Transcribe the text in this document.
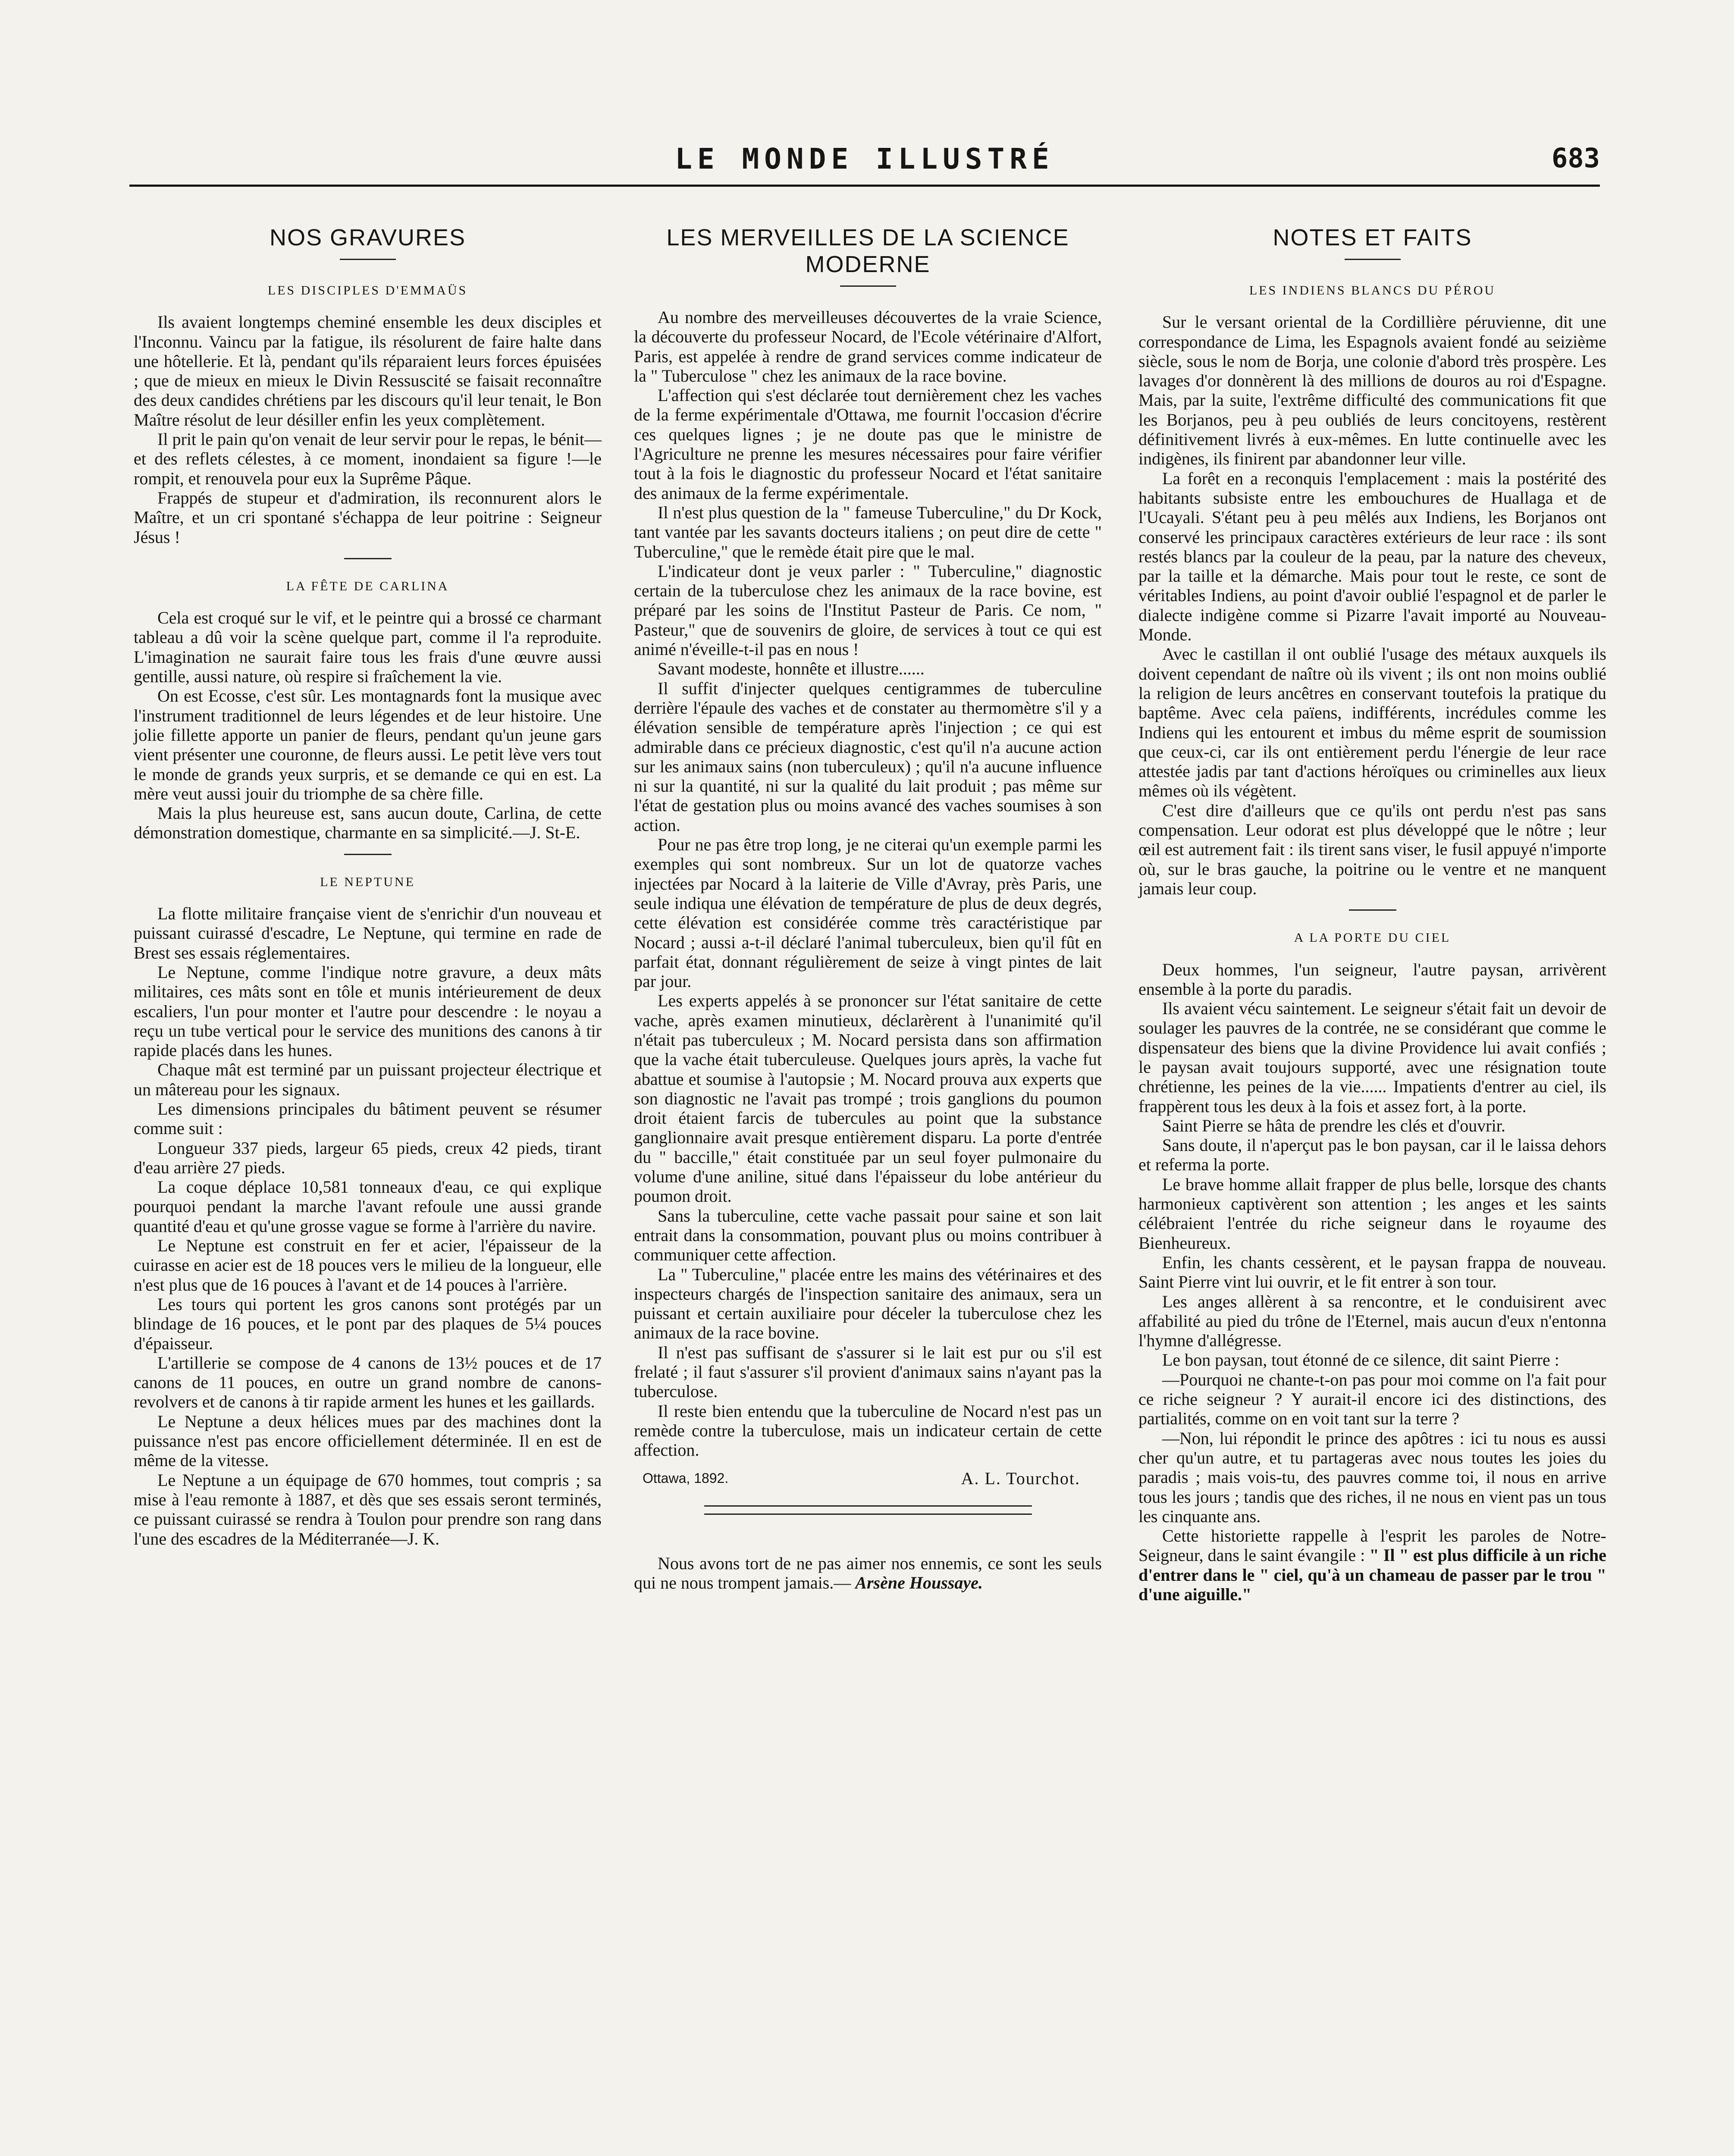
LE MONDE ILLUSTRÉ	683
NOS GRAVURES
LES DISCIPLES D'EMMAÜS

Ils avaient longtemps cheminé ensemble les deux disciples et l'Inconnu. Vaincu par la fatigue, ils résolurent de faire halte dans une hôtellerie. Et là, pendant qu'ils réparaient leurs forces épuisées ; que de mieux en mieux le Divin Ressuscité se faisait reconnaître des deux candides chrétiens par les discours qu'il leur tenait, le Bon Maître résolut de leur désiller enfin les yeux complètement.

Il prit le pain qu'on venait de leur servir pour le repas, le bénit—et des reflets célestes, à ce moment, inondaient sa figure !—le rompit, et renouvela pour eux la Suprême Pâque.

Frappés de stupeur et d'admiration, ils reconnurent alors le Maître, et un cri spontané s'échappa de leur poitrine : Seigneur Jésus !

LA FÊTE DE CARLINA

Cela est croqué sur le vif, et le peintre qui a brossé ce charmant tableau a dû voir la scène quelque part, comme il l'a reproduite. L'imagination ne saurait faire tous les frais d'une œuvre aussi gentille, aussi nature, où respire si fraîchement la vie.

On est Ecosse, c'est sûr. Les montagnards font la musique avec l'instrument traditionnel de leurs légendes et de leur histoire. Une jolie fillette apporte un panier de fleurs, pendant qu'un jeune gars vient présenter une couronne, de fleurs aussi. Le petit lève vers tout le monde de grands yeux surpris, et se demande ce qui en est. La mère veut aussi jouir du triomphe de sa chère fille.

Mais la plus heureuse est, sans aucun doute, Carlina, de cette démonstration domestique, charmante en sa simplicité.—J. St-E.

LE NEPTUNE

La flotte militaire française vient de s'enrichir d'un nouveau et puissant cuirassé d'escadre, Le Neptune, qui termine en rade de Brest ses essais réglementaires.

Le Neptune, comme l'indique notre gravure, a deux mâts militaires, ces mâts sont en tôle et munis intérieurement de deux escaliers, l'un pour monter et l'autre pour descendre : le noyau a reçu un tube vertical pour le service des munitions des canons à tir rapide placés dans les hunes.

Chaque mât est terminé par un puissant projecteur électrique et un mâtereau pour les signaux.

Les dimensions principales du bâtiment peuvent se résumer comme suit :

Longueur 337 pieds, largeur 65 pieds, creux 42 pieds, tirant d'eau arrière 27 pieds.

La coque déplace 10,581 tonneaux d'eau, ce qui explique pourquoi pendant la marche l'avant refoule une aussi grande quantité d'eau et qu'une grosse vague se forme à l'arrière du navire.

Le Neptune est construit en fer et acier, l'épaisseur de la cuirasse en acier est de 18 pouces vers le milieu de la longueur, elle n'est plus que de 16 pouces à l'avant et de 14 pouces à l'arrière.

Les tours qui portent les gros canons sont protégés par un blindage de 16 pouces, et le pont par des plaques de 5¼ pouces d'épaisseur.

L'artillerie se compose de 4 canons de 13½ pouces et de 17 canons de 11 pouces, en outre un grand nombre de canons-revolvers et de canons à tir rapide arment les hunes et les gaillards.

Le Neptune a deux hélices mues par des machines dont la puissance n'est pas encore officiellement déterminée. Il en est de même de la vitesse.

Le Neptune a un équipage de 670 hommes, tout compris ; sa mise à l'eau remonte à 1887, et dès que ses essais seront terminés, ce puissant cuirassé se rendra à Toulon pour prendre son rang dans l'une des escadres de la Méditerranée—J. K.

LES MERVEILLES DE LA SCIENCE
MODERNE

Au nombre des merveilleuses découvertes de la vraie Science, la découverte du professeur Nocard, de l'Ecole vétérinaire d'Alfort, Paris, est appelée à rendre de grand services comme indicateur de la " Tuberculose " chez les animaux de la race bovine.

L'affection qui s'est déclarée tout dernièrement chez les vaches de la ferme expérimentale d'Ottawa, me fournit l'occasion d'écrire ces quelques lignes ; je ne doute pas que le ministre de l'Agriculture ne prenne les mesures nécessaires pour faire vérifier tout à la fois le diagnostic du professeur Nocard et l'état sanitaire des animaux de la ferme expérimentale.

Il n'est plus question de la " fameuse Tuberculine," du Dr Kock, tant vantée par les savants docteurs italiens ; on peut dire de cette " Tuberculine," que le remède était pire que le mal.

L'indicateur dont je veux parler : " Tuberculine," diagnostic certain de la tuberculose chez les animaux de la race bovine, est préparé par les soins de l'Institut Pasteur de Paris. Ce nom, " Pasteur," que de souvenirs de gloire, de services à tout ce qui est animé n'éveille-t-il pas en nous !

Savant modeste, honnête et illustre......

Il suffit d'injecter quelques centigrammes de tuberculine derrière l'épaule des vaches et de constater au thermomètre s'il y a élévation sensible de température après l'injection ; ce qui est admirable dans ce précieux diagnostic, c'est qu'il n'a aucune action sur les animaux sains (non tuberculeux) ; qu'il n'a aucune influence ni sur la quantité, ni sur la qualité du lait produit ; pas même sur l'état de gestation plus ou moins avancé des vaches soumises à son action.

Pour ne pas être trop long, je ne citerai qu'un exemple parmi les exemples qui sont nombreux. Sur un lot de quatorze vaches injectées par Nocard à la laiterie de Ville d'Avray, près Paris, une seule indiqua une élévation de température de plus de deux degrés, cette élévation est considérée comme très caractéristique par Nocard ; aussi a-t-il déclaré l'animal tuberculeux, bien qu'il fût en parfait état, donnant régulièrement de seize à vingt pintes de lait par jour.

Les experts appelés à se prononcer sur l'état sanitaire de cette vache, après examen minutieux, déclarèrent à l'unanimité qu'il n'était pas tuberculeux ; M. Nocard persista dans son affirmation que la vache était tuberculeuse. Quelques jours après, la vache fut abattue et soumise à l'autopsie ; M. Nocard prouva aux experts que son diagnostic ne l'avait pas trompé ; trois ganglions du poumon droit étaient farcis de tubercules au point que la substance ganglionnaire avait presque entièrement disparu. La porte d'entrée du " baccille," était constituée par un seul foyer pulmonaire du volume d'une aniline, situé dans l'épaisseur du lobe antérieur du poumon droit.

Sans la tuberculine, cette vache passait pour saine et son lait entrait dans la consommation, pouvant plus ou moins contribuer à communiquer cette affection.

La " Tuberculine," placée entre les mains des vétérinaires et des inspecteurs chargés de l'inspection sanitaire des animaux, sera un puissant et certain auxiliaire pour déceler la tuberculose chez les animaux de la race bovine.

Il n'est pas suffisant de s'assurer si le lait est pur ou s'il est frelaté ; il faut s'assurer s'il provient d'animaux sains n'ayant pas la tuberculose.

Il reste bien entendu que la tuberculine de Nocard n'est pas un remède contre la tuberculose, mais un indicateur certain de cette affection.

A. L. Tourchot.
Ottawa, 1892.

Nous avons tort de ne pas aimer nos ennemis, ce sont les seuls qui ne nous trompent jamais.— Arsène Houssaye.

NOTES ET FAITS
LES INDIENS BLANCS DU PÉROU

Sur le versant oriental de la Cordillière péruvienne, dit une correspondance de Lima, les Espagnols avaient fondé au seizième siècle, sous le nom de Borja, une colonie d'abord très prospère. Les lavages d'or donnèrent là des millions de douros au roi d'Espagne. Mais, par la suite, l'extrême difficulté des communications fit que les Borjanos, peu à peu oubliés de leurs concitoyens, restèrent définitivement livrés à eux-mêmes. En lutte continuelle avec les indigènes, ils finirent par abandonner leur ville.

La forêt en a reconquis l'emplacement : mais la postérité des habitants subsiste entre les embouchures de Huallaga et de l'Ucayali. S'étant peu à peu mêlés aux Indiens, les Borjanos ont conservé les principaux caractères extérieurs de leur race : ils sont restés blancs par la couleur de la peau, par la nature des cheveux, par la taille et la démarche. Mais pour tout le reste, ce sont de véritables Indiens, au point d'avoir oublié l'espagnol et de parler le dialecte indigène comme si Pizarre l'avait importé au Nouveau-Monde.

Avec le castillan il ont oublié l'usage des métaux auxquels ils doivent cependant de naître où ils vivent ; ils ont non moins oublié la religion de leurs ancêtres en conservant toutefois la pratique du baptême. Avec cela païens, indifférents, incrédules comme les Indiens qui les entourent et imbus du même esprit de soumission que ceux-ci, car ils ont entièrement perdu l'énergie de leur race attestée jadis par tant d'actions héroïques ou criminelles aux lieux mêmes où ils végètent.

C'est dire d'ailleurs que ce qu'ils ont perdu n'est pas sans compensation. Leur odorat est plus développé que le nôtre ; leur œil est autrement fait : ils tirent sans viser, le fusil appuyé n'importe où, sur le bras gauche, la poitrine ou le ventre et ne manquent jamais leur coup.

A LA PORTE DU CIEL

Deux hommes, l'un seigneur, l'autre paysan, arrivèrent ensemble à la porte du paradis.

Ils avaient vécu saintement. Le seigneur s'était fait un devoir de soulager les pauvres de la contrée, ne se considérant que comme le dispensateur des biens que la divine Providence lui avait confiés ; le paysan avait toujours supporté, avec une résignation toute chrétienne, les peines de la vie...... Impatients d'entrer au ciel, ils frappèrent tous les deux à la fois et assez fort, à la porte.

Saint Pierre se hâta de prendre les clés et d'ouvrir.

Sans doute, il n'aperçut pas le bon paysan, car il le laissa dehors et referma la porte.

Le brave homme allait frapper de plus belle, lorsque des chants harmonieux captivèrent son attention ; les anges et les saints célébraient l'entrée du riche seigneur dans le royaume des Bienheureux.

Enfin, les chants cessèrent, et le paysan frappa de nouveau. Saint Pierre vint lui ouvrir, et le fit entrer à son tour.

Les anges allèrent à sa rencontre, et le conduisirent avec affabilité au pied du trône de l'Eternel, mais aucun d'eux n'entonna l'hymne d'allégresse.

Le bon paysan, tout étonné de ce silence, dit saint Pierre :

—Pourquoi ne chante-t-on pas pour moi comme on l'a fait pour ce riche seigneur ? Y aurait-il encore ici des distinctions, des partialités, comme on en voit tant sur la terre ?

—Non, lui répondit le prince des apôtres : ici tu nous es aussi cher qu'un autre, et tu partageras avec nous toutes les joies du paradis ; mais vois-tu, des pauvres comme toi, il nous en arrive tous les jours ; tandis que des riches, il ne nous en vient pas un tous les cinquante ans.

Cette historiette rappelle à l'esprit les paroles de Notre-Seigneur, dans le saint évangile : " Il " est plus difficile à un riche d'entrer dans le " ciel, qu'à un chameau de passer par le trou " d'une aiguille."
